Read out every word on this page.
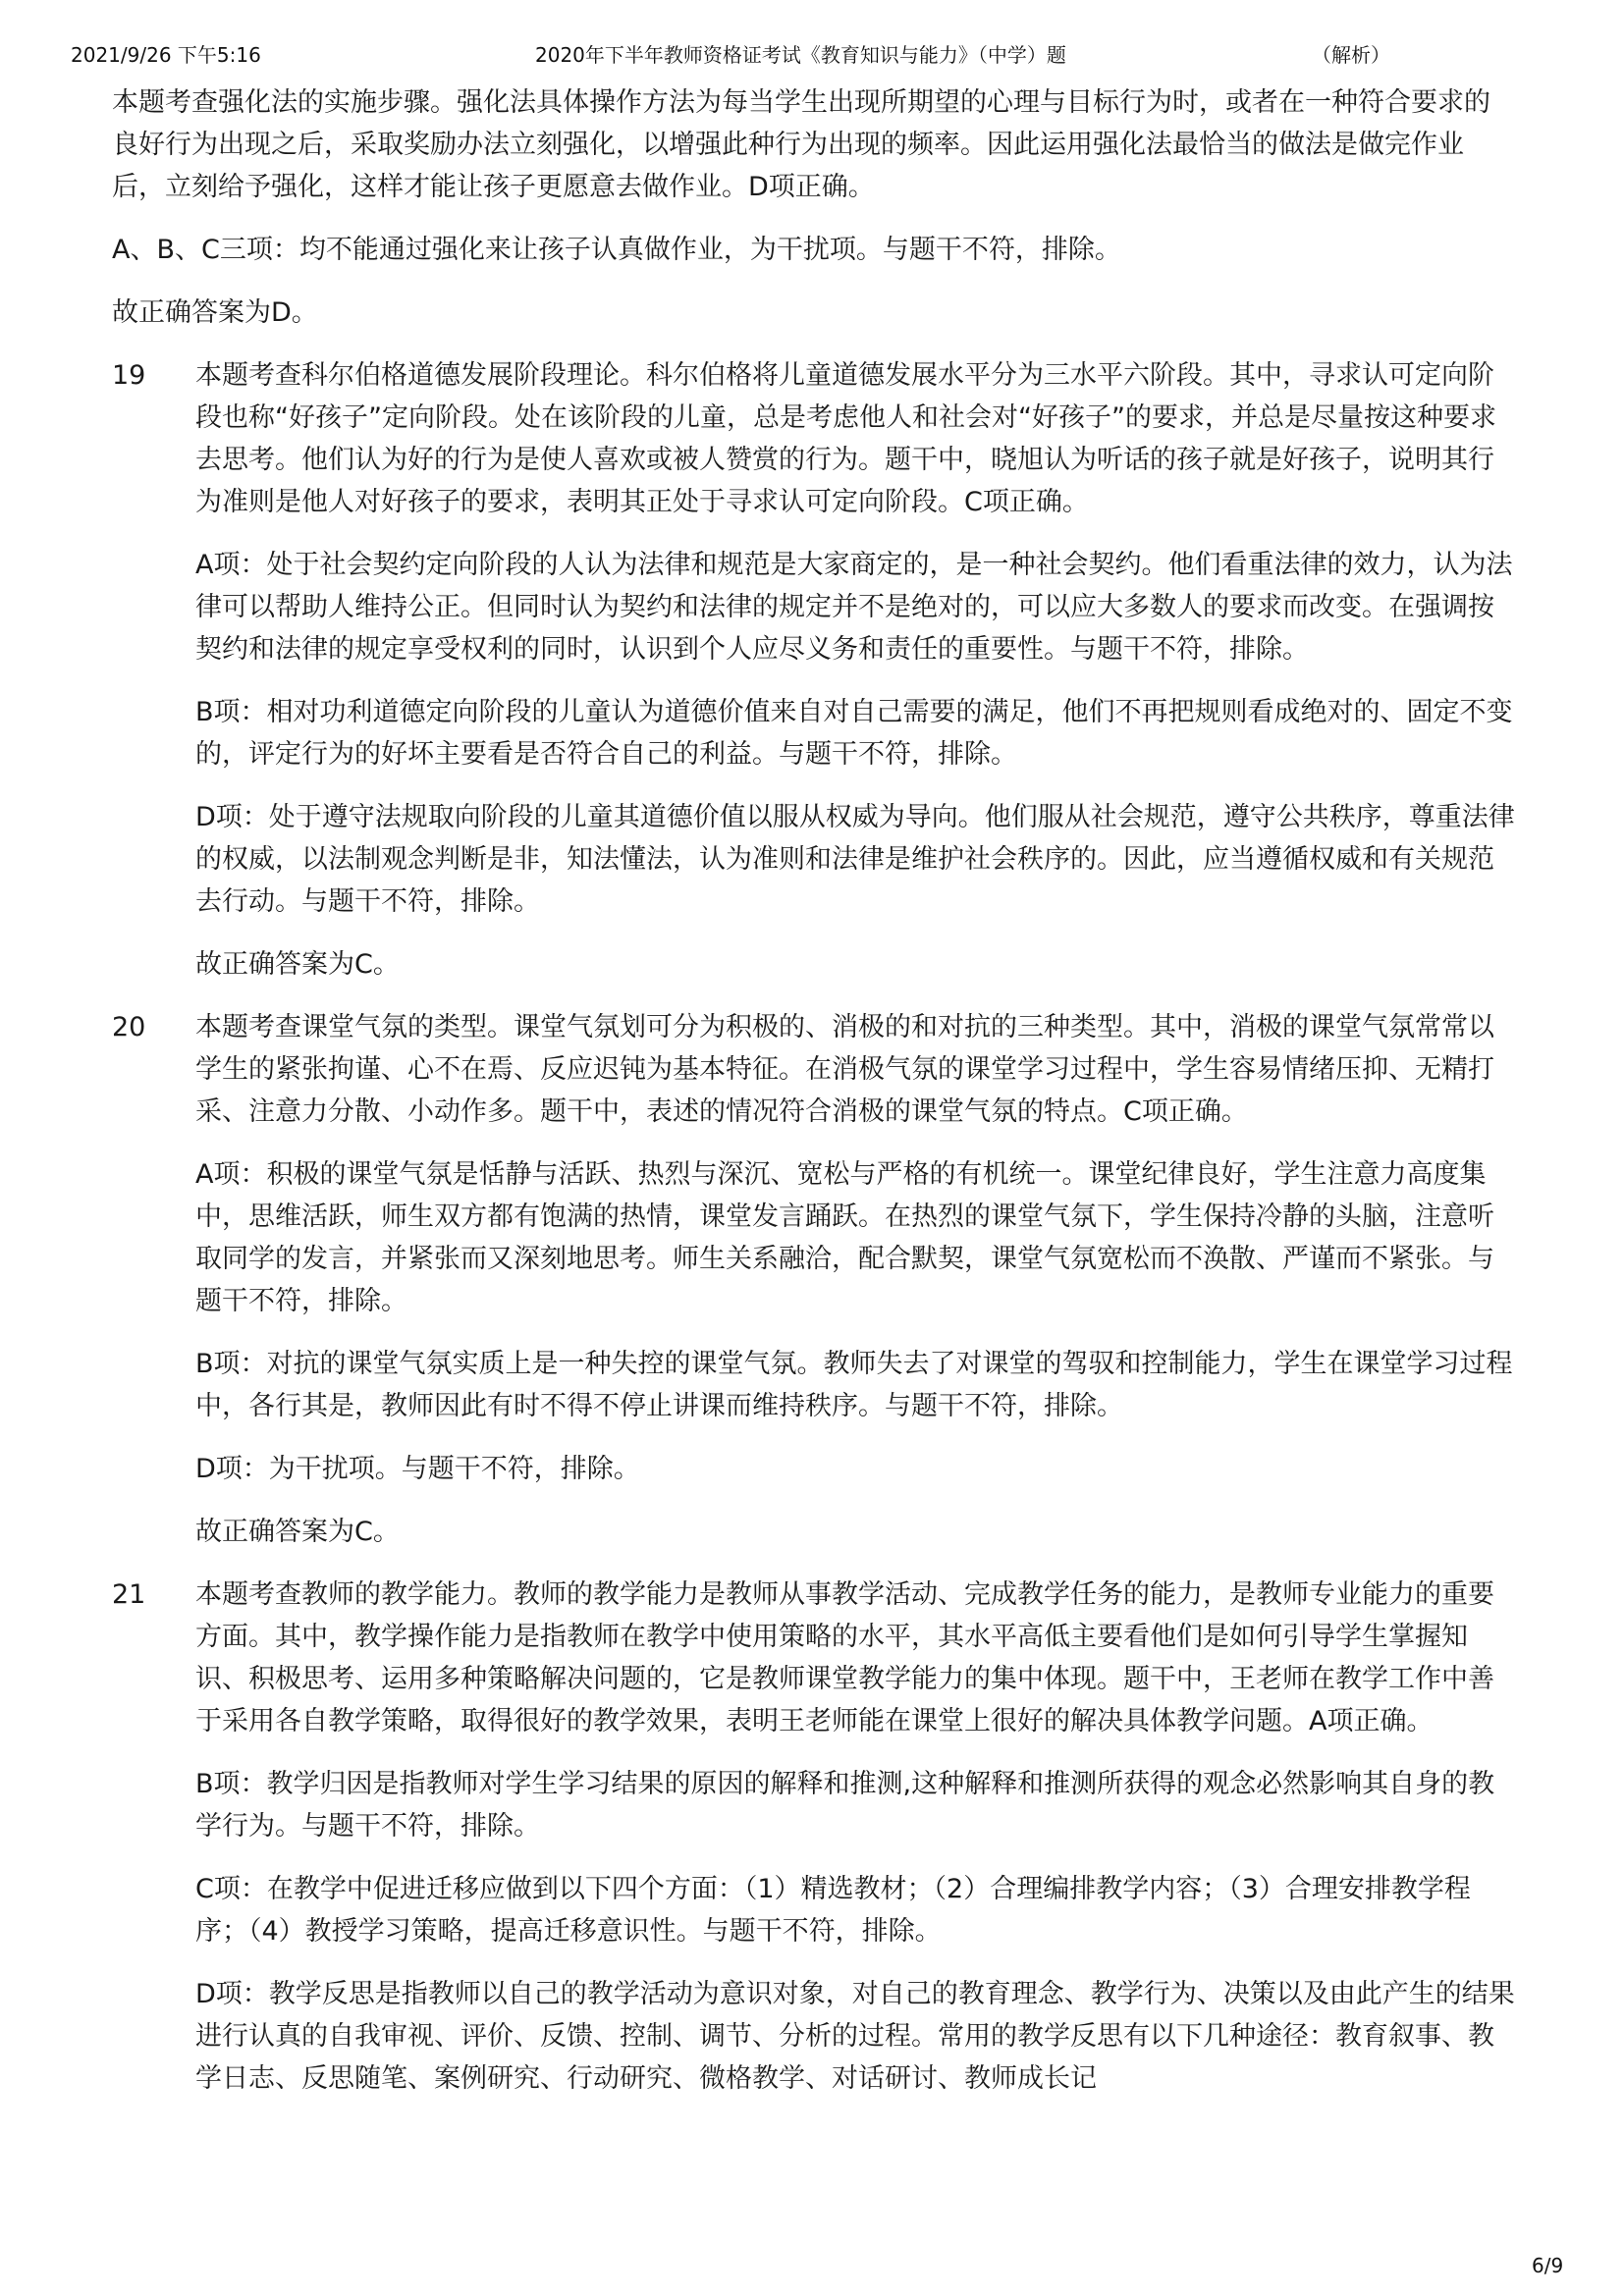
2021/9/26 下午5:16	2020年下半年教师资格证考试《教育知识与能力》（中学）题	（解析）

本题考查强化法的实施步骤。强化法具体操作方法为每当学生出现所期望的心理与目标行为时，或者在一种符合要求的良好行为出现之后，采取奖励办法立刻强化，以增强此种行为出现的频率。因此运用强化法最恰当的做法是做完作业后，立刻给予强化，这样才能让孩子更愿意去做作业。D项正确。

A、B、C三项：均不能通过强化来让孩子认真做作业，为干扰项。与题干不符，排除。

故正确答案为D。

19 本题考查科尔伯格道德发展阶段理论。科尔伯格将儿童道德发展水平分为三水平六阶段。其中，寻求认可定向阶段也称“好孩子”定向阶段。处在该阶段的儿童，总是考虑他人和社会对“好孩子”的要求，并总是尽量按这种要求去思考。他们认为好的行为是使人喜欢或被人赞赏的行为。题干中，晓旭认为听话的孩子就是好孩子，说明其行为准则是他人对好孩子的要求，表明其正处于寻求认可定向阶段。C项正确。

A项：处于社会契约定向阶段的人认为法律和规范是大家商定的，是一种社会契约。他们看重法律的效力，认为法律可以帮助人维持公正。但同时认为契约和法律的规定并不是绝对的，可以应大多数人的要求而改变。在强调按契约和法律的规定享受权利的同时，认识到个人应尽义务和责任的重要性。与题干不符，排除。

B项：相对功利道德定向阶段的儿童认为道德价值来自对自己需要的满足，他们不再把规则看成绝对的、固定不变的，评定行为的好坏主要看是否符合自己的利益。与题干不符，排除。

D项：处于遵守法规取向阶段的儿童其道德价值以服从权威为导向。他们服从社会规范，遵守公共秩序，尊重法律的权威，以法制观念判断是非，知法懂法，认为准则和法律是维护社会秩序的。因此，应当遵循权威和有关规范去行动。与题干不符，排除。

故正确答案为C。

20 本题考查课堂气氛的类型。课堂气氛划可分为积极的、消极的和对抗的三种类型。其中，消极的课堂气氛常常以学生的紧张拘谨、心不在焉、反应迟钝为基本特征。在消极气氛的课堂学习过程中，学生容易情绪压抑、无精打采、注意力分散、小动作多。题干中，表述的情况符合消极的课堂气氛的特点。C项正确。

A项：积极的课堂气氛是恬静与活跃、热烈与深沉、宽松与严格的有机统一。课堂纪律良好，学生注意力高度集中，思维活跃，师生双方都有饱满的热情，课堂发言踊跃。在热烈的课堂气氛下，学生保持冷静的头脑，注意听取同学的发言，并紧张而又深刻地思考。师生关系融洽，配合默契，课堂气氛宽松而不涣散、严谨而不紧张。与题干不符，排除。

B项：对抗的课堂气氛实质上是一种失控的课堂气氛。教师失去了对课堂的驾驭和控制能力，学生在课堂学习过程中，各行其是，教师因此有时不得不停止讲课而维持秩序。与题干不符，排除。

D项：为干扰项。与题干不符，排除。

故正确答案为C。

21 本题考查教师的教学能力。教师的教学能力是教师从事教学活动、完成教学任务的能力，是教师专业能力的重要方面。其中，教学操作能力是指教师在教学中使用策略的水平，其水平高低主要看他们是如何引导学生掌握知识、积极思考、运用多种策略解决问题的，它是教师课堂教学能力的集中体现。题干中，王老师在教学工作中善于采用各自教学策略，取得很好的教学效果，表明王老师能在课堂上很好的解决具体教学问题。A项正确。

B项：教学归因是指教师对学生学习结果的原因的解释和推测,这种解释和推测所获得的观念必然影响其自身的教学行为。与题干不符，排除。

C项：在教学中促进迁移应做到以下四个方面：（1）精选教材；（2）合理编排教学内容；（3）合理安排教学程序；（4）教授学习策略，提高迁移意识性。与题干不符，排除。

D项：教学反思是指教师以自己的教学活动为意识对象，对自己的教育理念、教学行为、决策以及由此产生的结果进行认真的自我审视、评价、反馈、控制、调节、分析的过程。常用的教学反思有以下几种途径：教育叙事、教学日志、反思随笔、案例研究、行动研究、微格教学、对话研讨、教师成长记

6/9
